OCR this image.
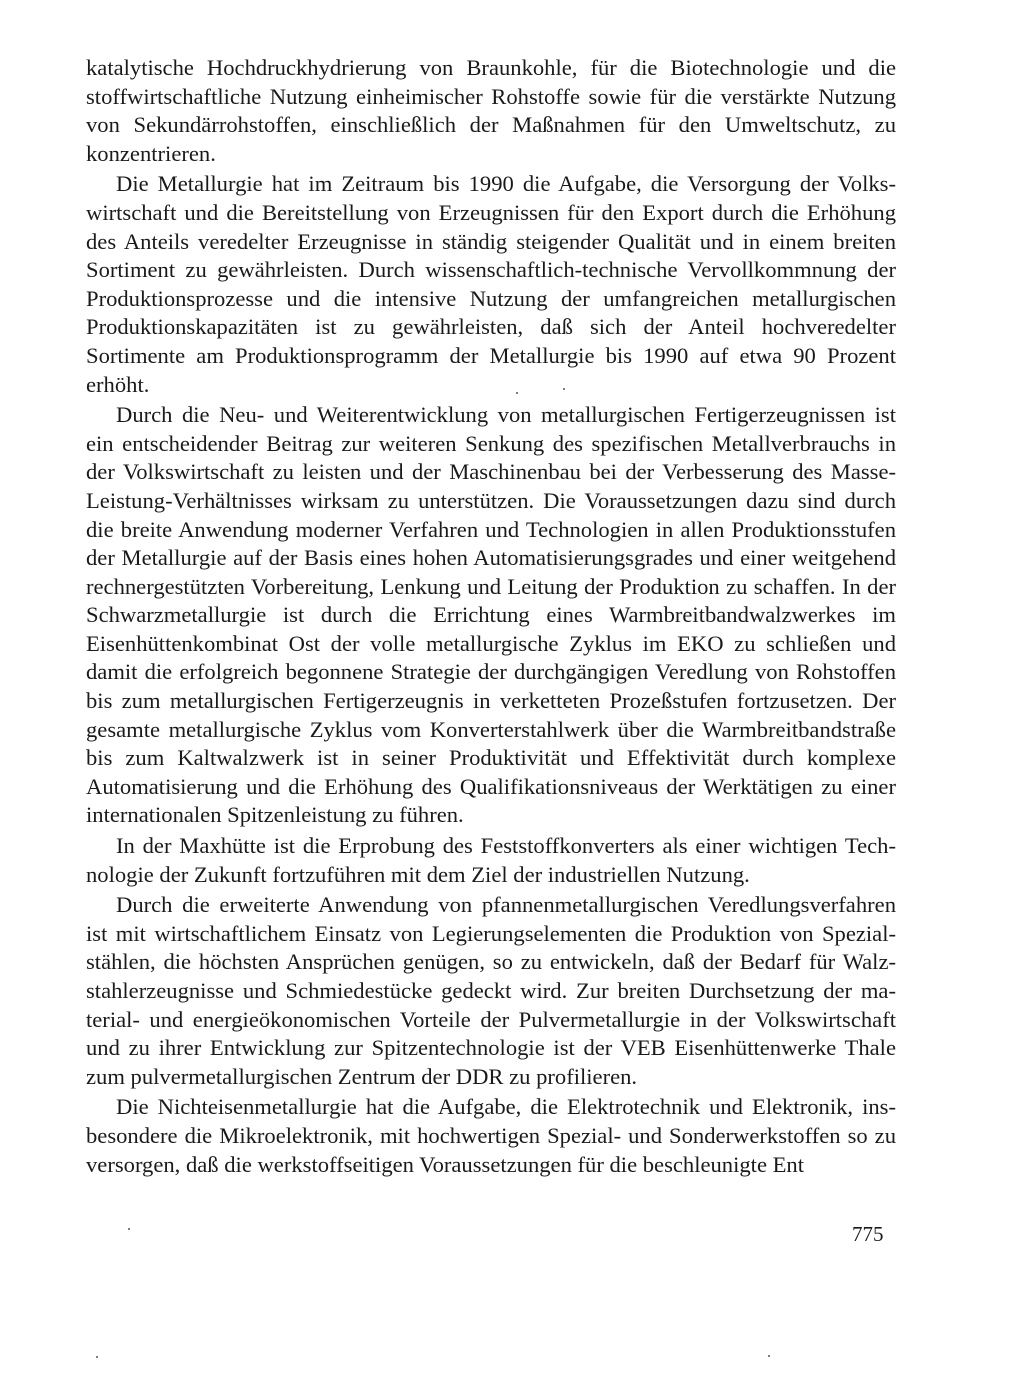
katalytische Hochdruckhydrierung von Braunkohle, für die Biotechnologie und die stoffwirtschaftliche Nutzung einheimischer Rohstoffe sowie für die verstärkte Nutzung von Sekundärrohstoffen, einschließlich der Maßnahmen für den Umweltschutz, zu konzentrieren.

Die Metallurgie hat im Zeitraum bis 1990 die Aufgabe, die Versorgung der Volkswirtschaft und die Bereitstellung von Erzeugnissen für den Export durch die Erhöhung des Anteils veredelter Erzeugnisse in ständig steigender Qualität und in einem breiten Sortiment zu gewährleisten. Durch wissenschaftlich-technische Vervollkommnung der Produktionsprozesse und die intensive Nutzung der umfangreichen metallurgischen Produktionskapazitäten ist zu gewährleisten, daß sich der Anteil hochveredelter Sortimente am Produktionsprogramm der Metallurgie bis 1990 auf etwa 90 Prozent erhöht.

Durch die Neu- und Weiterentwicklung von metallurgischen Fertigerzeugnissen ist ein entscheidender Beitrag zur weiteren Senkung des spezifischen Metallverbrauchs in der Volkswirtschaft zu leisten und der Maschinenbau bei der Verbesserung des Masse-Leistung-Verhältnisses wirksam zu unterstützen. Die Voraussetzungen dazu sind durch die breite Anwendung moderner Verfahren und Technologien in allen Produktionsstufen der Metallurgie auf der Basis eines hohen Automatisierungsgrades und einer weitgehend rechnergestützten Vorbereitung, Lenkung und Leitung der Produktion zu schaffen. In der Schwarzmetallurgie ist durch die Errichtung eines Warmbreitbandwalzwerkes im Eisenhüttenkombinat Ost der volle metallurgische Zyklus im EKO zu schließen und damit die erfolgreich begonnene Strategie der durchgängigen Veredlung von Rohstoffen bis zum metallurgischen Fertigerzeugnis in verketteten Prozeßstufen fortzusetzen. Der gesamte metallurgische Zyklus vom Konverterstahlwerk über die Warmbreitbandstraße bis zum Kaltwalzwerk ist in seiner Produktivität und Effektivität durch komplexe Automatisierung und die Erhöhung des Qualifikationsniveaus der Werktätigen zu einer internationalen Spitzenleistung zu führen.

In der Maxhütte ist die Erprobung des Feststoffkonverters als einer wichtigen Technologie der Zukunft fortzuführen mit dem Ziel der industriellen Nutzung.

Durch die erweiterte Anwendung von pfannenmetallurgischen Veredlungsverfahren ist mit wirtschaftlichem Einsatz von Legierungselementen die Produktion von Spezialstählen, die höchsten Ansprüchen genügen, so zu entwickeln, daß der Bedarf für Walzstahlerzeugnisse und Schmiedestücke gedeckt wird. Zur breiten Durchsetzung der material- und energieökonomischen Vorteile der Pulvermetallurgie in der Volkswirtschaft und zu ihrer Entwicklung zur Spitzentechnologie ist der VEB Eisenhüttenwerke Thale zum pulvermetallurgischen Zentrum der DDR zu profilieren.

Die Nichteisenmetallurgie hat die Aufgabe, die Elektrotechnik und Elektronik, insbesondere die Mikroelektronik, mit hochwertigen Spezial- und Sonderwerkstoffen so zu versorgen, daß die werkstoffseitigen Voraussetzungen für die beschleunigte Ent

775
